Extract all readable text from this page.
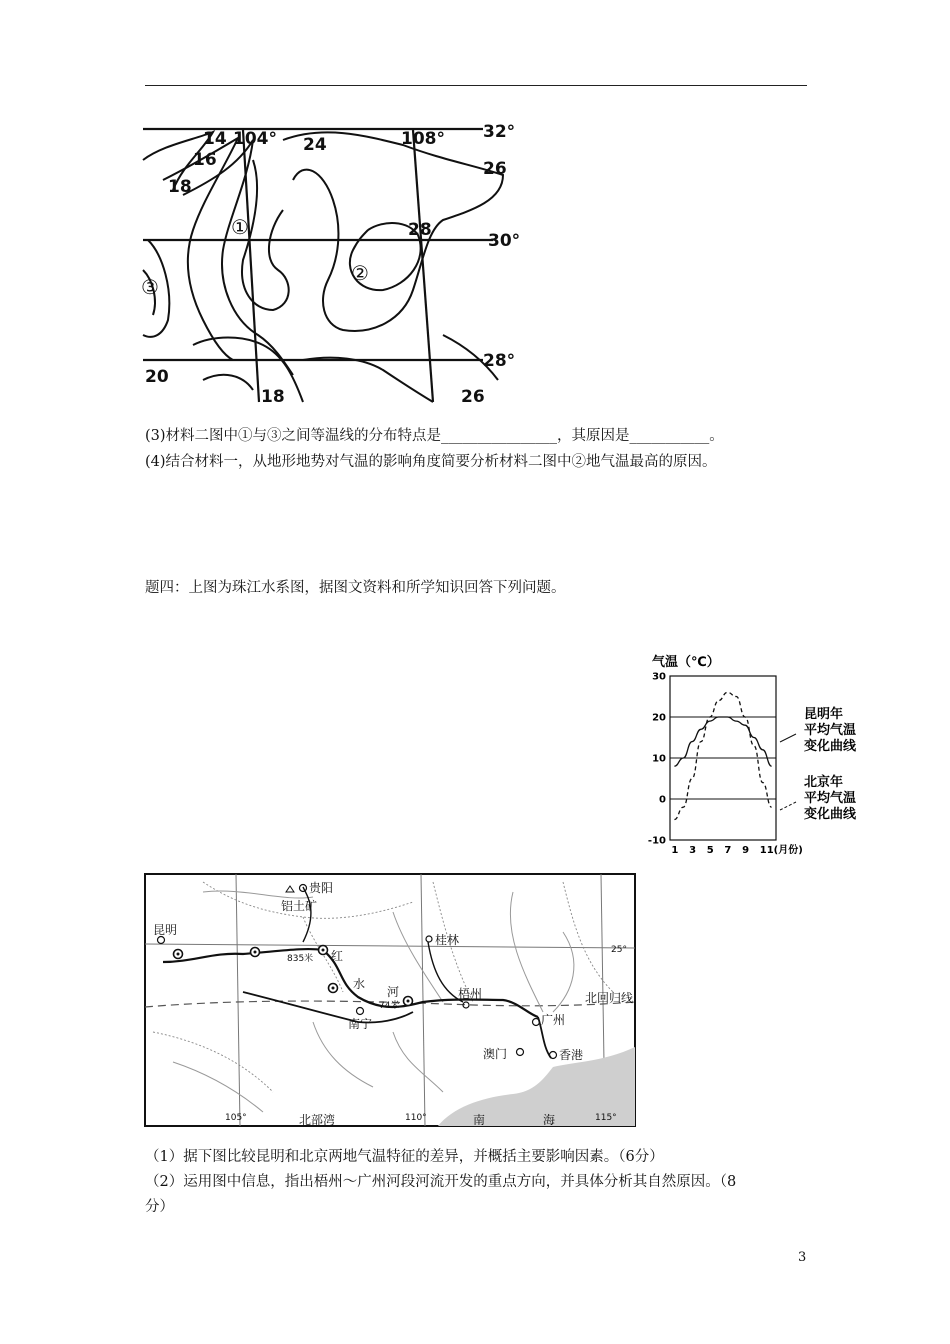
14
16
18
104° 24	108° 32°
26
28
30°
28°
20
18	26
①
②
③
(3)材料二图中①与③之间等温线的分布特点是________________，其原因是___________。
(4)结合材料一，从地形地势对气温的影响角度简要分析材料二图中②地气温最高的原因。
题四：上图为珠江水系图，据图文资料和所学知识回答下列问题。
气温（℃）
-10
0
10
20
30
1 3 5 7 9 11(月份)
昆明年
平均气温
变化曲线
北京年
平均气温
变化曲线
贵阳
铝土矿
昆明
桂林
梧州
南宁	广州
澳门	香港
红
水
河	北回归线
北部湾	南	海
835米
74米
25°
105°	110°	115°
（1）据下图比较昆明和北京两地气温特征的差异，并概括主要影响因素。（6分）
（2）运用图中信息，指出梧州～广州河段河流开发的重点方向，并具体分析其自然原因。（8
分）
3
